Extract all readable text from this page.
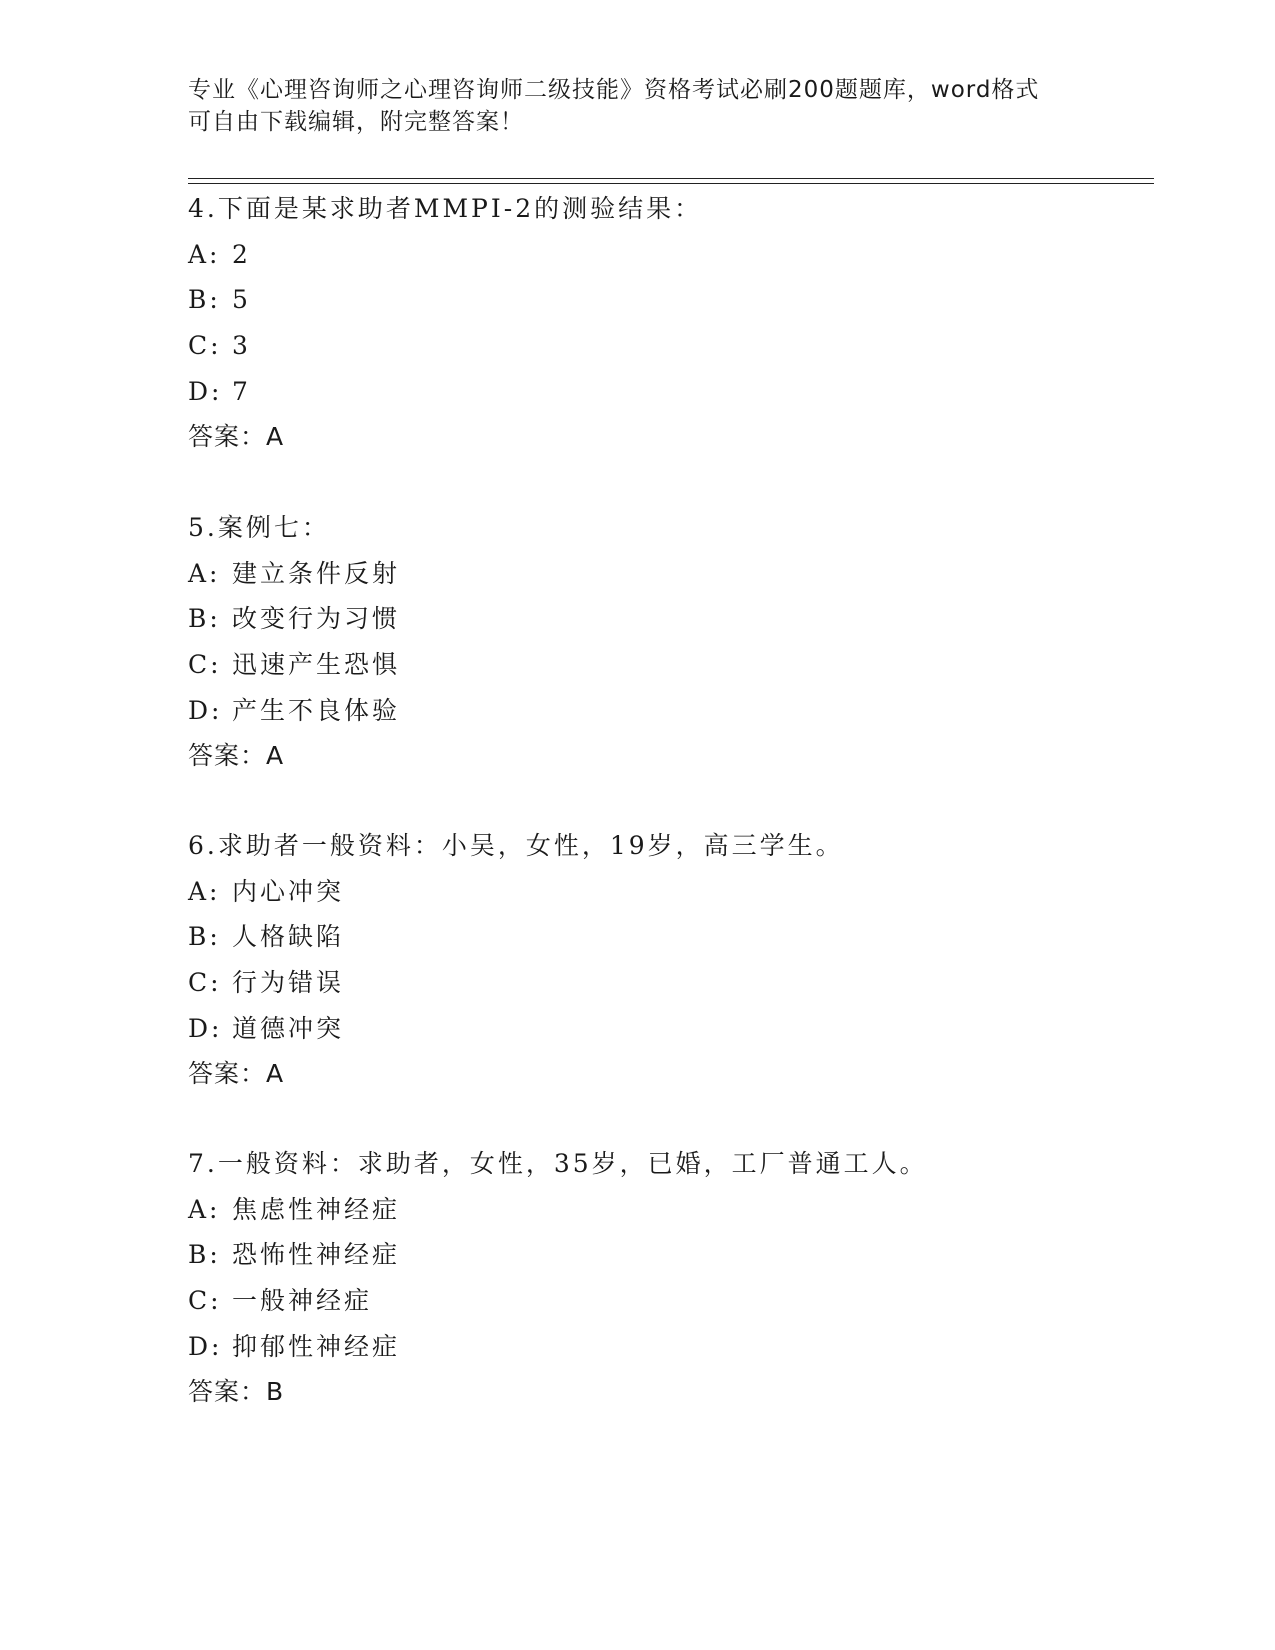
专业《心理咨询师之心理咨询师二级技能》资格考试必刷200题题库，word格式
可自由下载编辑，附完整答案！
4.下面是某求助者MMPI-2的测验结果：
A: 2
B: 5
C: 3
D: 7
答案：A
5.案例七：
A: 建立条件反射
B: 改变行为习惯
C: 迅速产生恐惧
D: 产生不良体验
答案：A
6.求助者一般资料：小吴，女性，19岁，高三学生。
A: 内心冲突
B: 人格缺陷
C: 行为错误
D: 道德冲突
答案：A
7.一般资料：求助者，女性，35岁，已婚，工厂普通工人。
A: 焦虑性神经症
B: 恐怖性神经症
C: 一般神经症
D: 抑郁性神经症
答案：B
